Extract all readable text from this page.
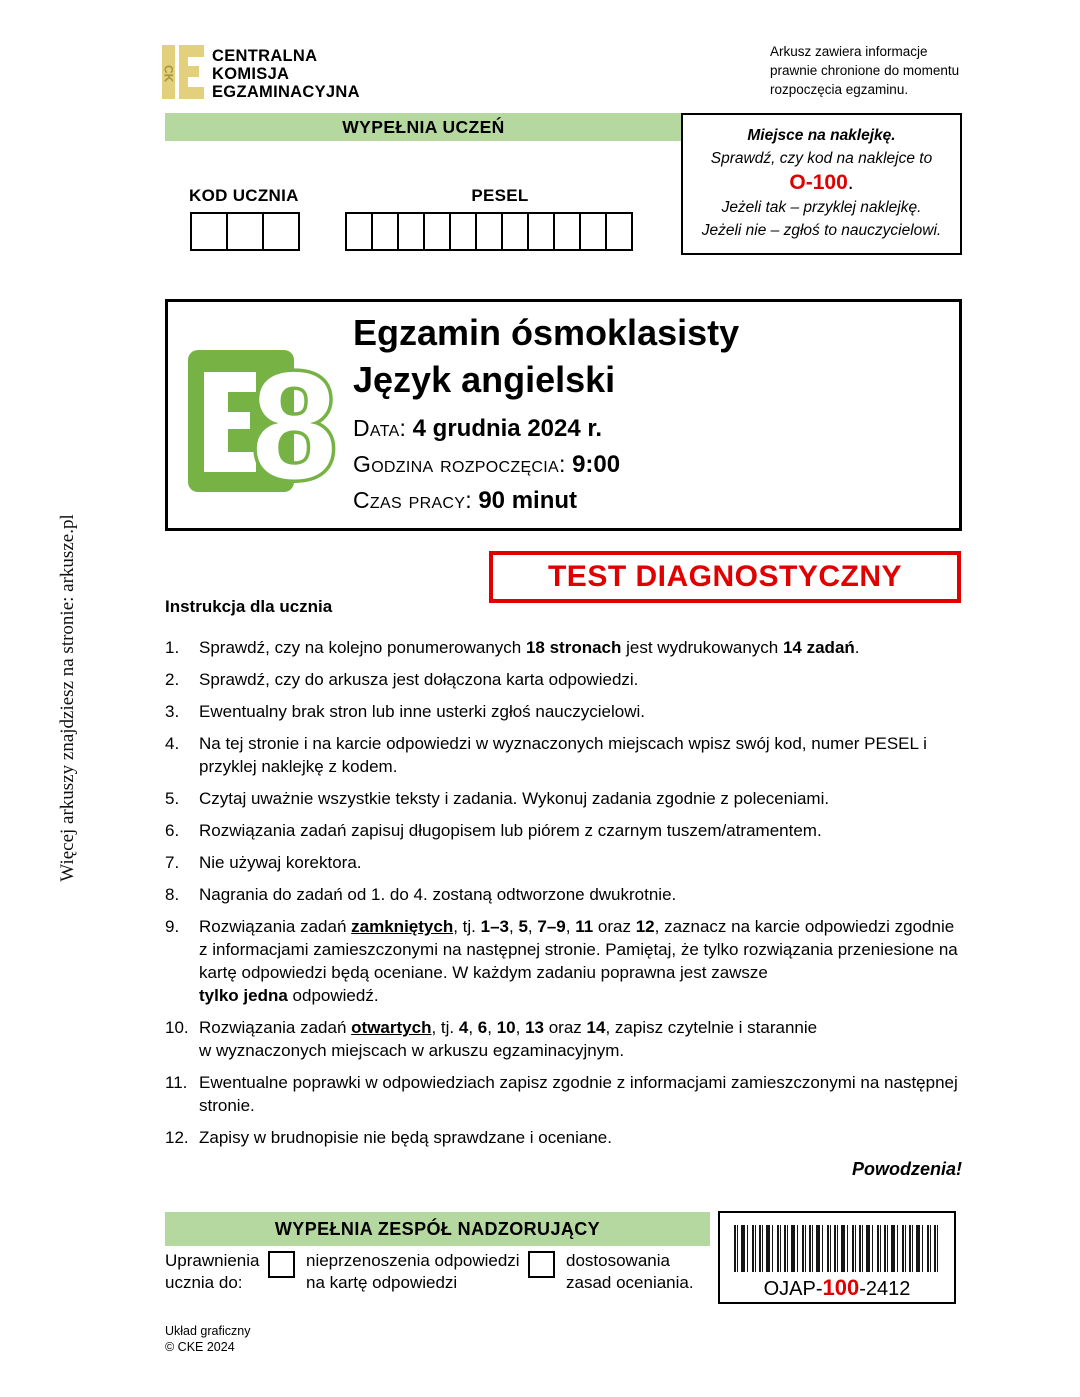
Więcej arkuszy znajdziesz na stronie: arkusze.pl
CK
CENTRALNA
KOMISJA
EGZAMINACYJNA
Arkusz zawiera informacje
prawnie chronione do momentu
rozpoczęcia egzaminu.
WYPEŁNIA UCZEŃ	Miejsce na naklejkę.
Sprawdź, czy kod na naklejce to
O-100.
Jeżeli tak – przyklej naklejkę.
Jeżeli nie – zgłoś to nauczycielowi.
KOD UCZNIA	PESEL
8
Egzamin ósmoklasisty
Język angielski
Data: 4 grudnia 2024 r.
Godzina rozpoczęcia: 9:00
Czas pracy: 90 minut
TEST DIAGNOSTYCZNY
Instrukcja dla ucznia
1.	Sprawdź, czy na kolejno ponumerowanych 18 stronach jest wydrukowanych 14 zadań.
2.	Sprawdź, czy do arkusza jest dołączona karta odpowiedzi.
3.	Ewentualny brak stron lub inne usterki zgłoś nauczycielowi.
4.	Na tej stronie i na karcie odpowiedzi w wyznaczonych miejscach wpisz swój kod, numer PESEL i przyklej naklejkę z kodem.
5.	Czytaj uważnie wszystkie teksty i zadania. Wykonuj zadania zgodnie z poleceniami.
6.	Rozwiązania zadań zapisuj długopisem lub piórem z czarnym tuszem/atramentem.
7.	Nie używaj korektora.
8.	Nagrania do zadań od 1. do 4. zostaną odtworzone dwukrotnie.
9.	Rozwiązania zadań zamkniętych, tj. 1–3, 5, 7–9, 11 oraz 12, zaznacz na karcie odpowiedzi zgodnie z informacjami zamieszczonymi na następnej stronie. Pamiętaj, że tylko rozwiązania przeniesione na kartę odpowiedzi będą oceniane. W każdym zadaniu poprawna jest zawsze
tylko jedna odpowiedź.
10. Rozwiązania zadań otwartych, tj. 4, 6, 10, 13 oraz 14, zapisz czytelnie i starannie
w wyznaczonych miejscach w arkuszu egzaminacyjnym.
11. Ewentualne poprawki w odpowiedziach zapisz zgodnie z informacjami zamieszczonymi na następnej stronie.
12. Zapisy w brudnopisie nie będą sprawdzane i oceniane.
Powodzenia!
WYPEŁNIA ZESPÓŁ NADZORUJĄCY
Uprawnienia ucznia do:
nieprzenoszenia odpowiedzi na kartę odpowiedzi
dostosowania zasad oceniania.	OJAP-100-2412
Układ graficzny
© CKE 2024
